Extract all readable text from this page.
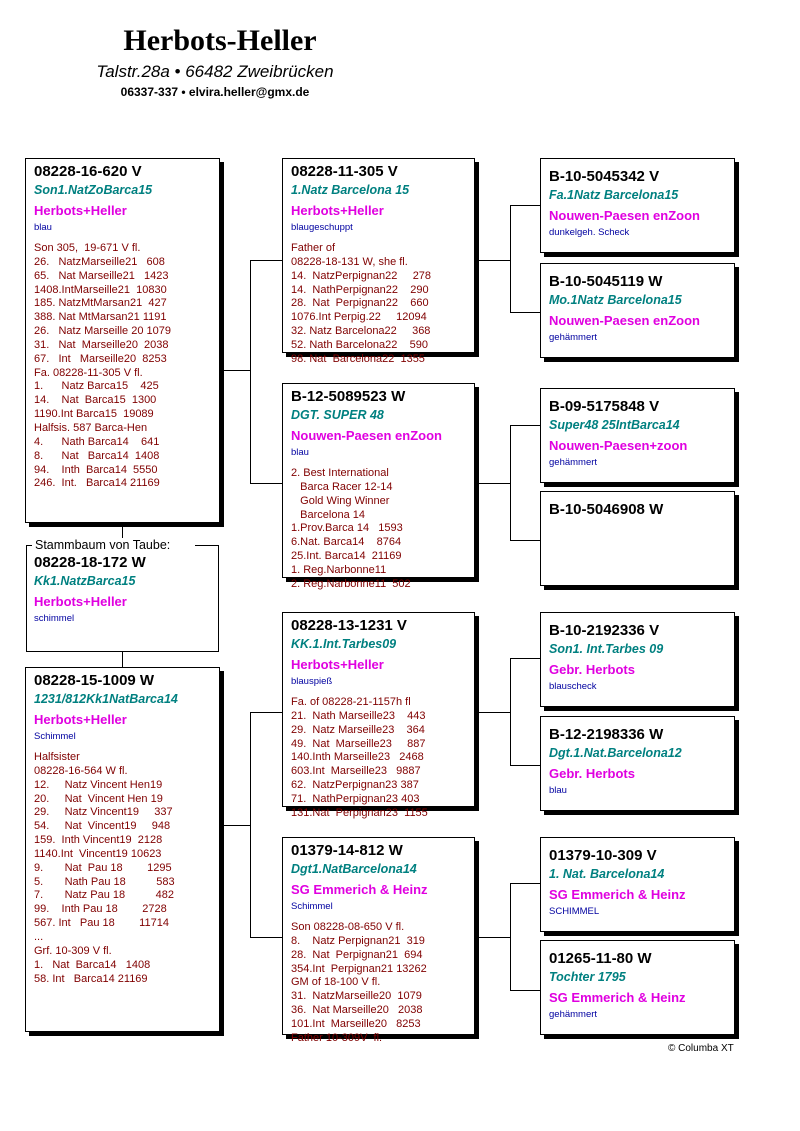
Herbots-Heller
Talstr.28a • 66482 Zweibrücken
06337-337 • elvira.heller@gmx.de
08228-16-620 V
Son1.NatZoBarca15
Herbots+Heller
blau
Son 305,  19-671 V fl.
26.   NatzMarseille21   608
65.   Nat Marseille21   1423
1408.IntMarseille21  10830
185. NatzMtMarsan21  427
388. Nat MtMarsan21 1191
26.   Natz Marseille 20 1079
31.   Nat  Marseille20  2038
67.   Int   Marseille20  8253
Fa. 08228-11-305 V fl.
1.      Natz Barca15    425
14.    Nat  Barca15  1300
1190.Int Barca15  19089
Halfsis. 587 Barca-Hen
4.      Nath Barca14    641
8.      Nat   Barca14  1408
94.    Inth  Barca14  5550
246.  Int.   Barca14 21169
Stammbaum von Taube:
08228-18-172 W
Kk1.NatzBarca15
Herbots+Heller
schimmel
08228-15-1009 W
1231/812Kk1NatBarca14
Herbots+Heller
Schimmel
Halfsister
08228-16-564 W fl.
12.     Natz Vincent Hen19
20.     Nat  Vincent Hen 19
29.     Natz Vincent19     337
54.     Nat  Vincent19     948
159.  Inth Vincent19  2128
1140.Int  Vincent19 10623
9.       Nat  Pau 18        1295
5.       Nath Pau 18          583
7.       Natz Pau 18          482
99.    Inth Pau 18        2728
567. Int   Pau 18        11714
...
Grf. 10-309 V fl.
1.   Nat  Barca14   1408
58. Int   Barca14 21169
08228-11-305 V
1.Natz Barcelona 15
Herbots+Heller
blaugeschuppt
Father of
08228-18-131 W, she fl.
14.  NatzPerpignan22     278
14.  NathPerpignan22    290
28.  Nat  Perpignan22    660
1076.Int Perpig.22     12094
32. Natz Barcelona22     368
52. Nath Barcelona22    590
98. Nat  Barcelona22  1355
B-12-5089523 W
DGT. SUPER 48
Nouwen-Paesen enZoon
blau
2. Best International
Barca Racer 12-14
Gold Wing Winner
Barcelona 14
1.Prov.Barca 14   1593
6.Nat. Barca14    8764
25.Int. Barca14  21169
1. Reg.Narbonne11
2. Reg.Narbonne11  502
08228-13-1231 V
KK.1.Int.Tarbes09
Herbots+Heller
blauspieß
Fa. of 08228-21-1157h fl
21.  Nath Marseille23    443
29.  Natz Marseille23    364
49.  Nat  Marseille23     887
140.Inth Marseille23   2468
603.Int  Marseille23   9887
62.  NatzPerpignan23 387
71.  NathPerpignan23 403
131.Nat  Perpignan23  1155
01379-14-812 W
Dgt1.NatBarcelona14
SG Emmerich & Heinz
Schimmel
Son 08228-08-650 V fl.
8.    Natz Perpignan21  319
28.  Nat  Perpignan21  694
354.Int  Perpignan21 13262
GM of 18-100 V fl.
31.  NatzMarseille20  1079
36.  Nat Marseille20   2038
101.Int  Marseille20   8253
Father 10-309V  fl.
B-10-5045342 V
Fa.1Natz Barcelona15
Nouwen-Paesen enZoon
dunkelgeh. Scheck
B-10-5045119 W
Mo.1Natz Barcelona15
Nouwen-Paesen enZoon
gehämmert
B-09-5175848 V
Super48 25IntBarca14
Nouwen-Paesen+zoon
gehämmert
B-10-5046908 W
B-10-2192336 V
Son1. Int.Tarbes 09
Gebr. Herbots
blauscheck
B-12-2198336 W
Dgt.1.Nat.Barcelona12
Gebr. Herbots
blau
01379-10-309 V
1. Nat. Barcelona14
SG Emmerich & Heinz
SCHIMMEL
01265-11-80 W
Tochter 1795
SG Emmerich & Heinz
gehämmert
© Columba XT
